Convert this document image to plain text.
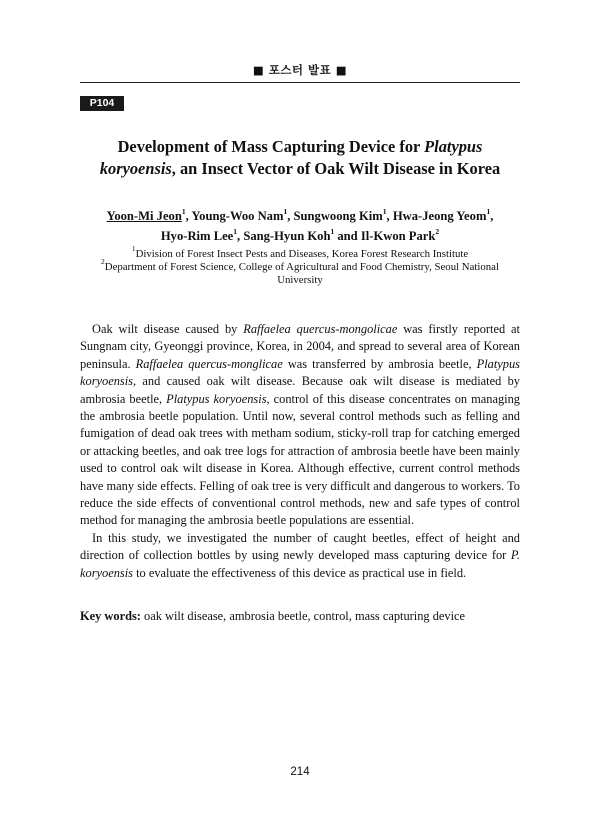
■ 포스터 발표 ■
P104
Development of Mass Capturing Device for Platypus koryoensis, an Insect Vector of Oak Wilt Disease in Korea
Yoon-Mi Jeon$^1$, Young-Woo Nam$^1$, Sungwoong Kim$^1$, Hwa-Jeong Yeom$^1$,
Hyo-Rim Lee$^1$, Sang-Hyun Koh$^1$ and Il-Kwon Park$^2$
$^1$Division of Forest Insect Pests and Diseases, Korea Forest Research Institute
$^2$Department of Forest Science, College of Agricultural and Food Chemistry, Seoul National University

Oak wilt disease caused by Raffaelea quercus-mongolicae was firstly reported at Sungnam city, Gyeonggi province, Korea, in 2004, and spread to several area of Korean peninsula. Raffaelea quercus-monglicae was transferred by ambrosia beetle, Platypus koryoensis, and caused oak wilt disease. Because oak wilt disease is mediated by ambrosia beetle, Platypus koryoensis, control of this disease concentrates on managing the ambrosia beetle population. Until now, several control methods such as felling and fumigation of dead oak trees with metham sodium, sticky-roll trap for catching emerged or attacking beetles, and oak tree logs for attraction of ambrosia beetle have been mainly used to control oak wilt disease in Korea. Although effective, current control methods have many side effects. Felling of oak tree is very difficult and dangerous to workers. To reduce the side effects of conventional control methods, new and safe types of control method for managing the ambrosia beetle populations are essential.

In this study, we investigated the number of caught beetles, effect of height and direction of collection bottles by using newly developed mass capturing device for P. koryoensis to evaluate the effectiveness of this device as practical use in field.

Key words: oak wilt disease, ambrosia beetle, control, mass capturing device
214
